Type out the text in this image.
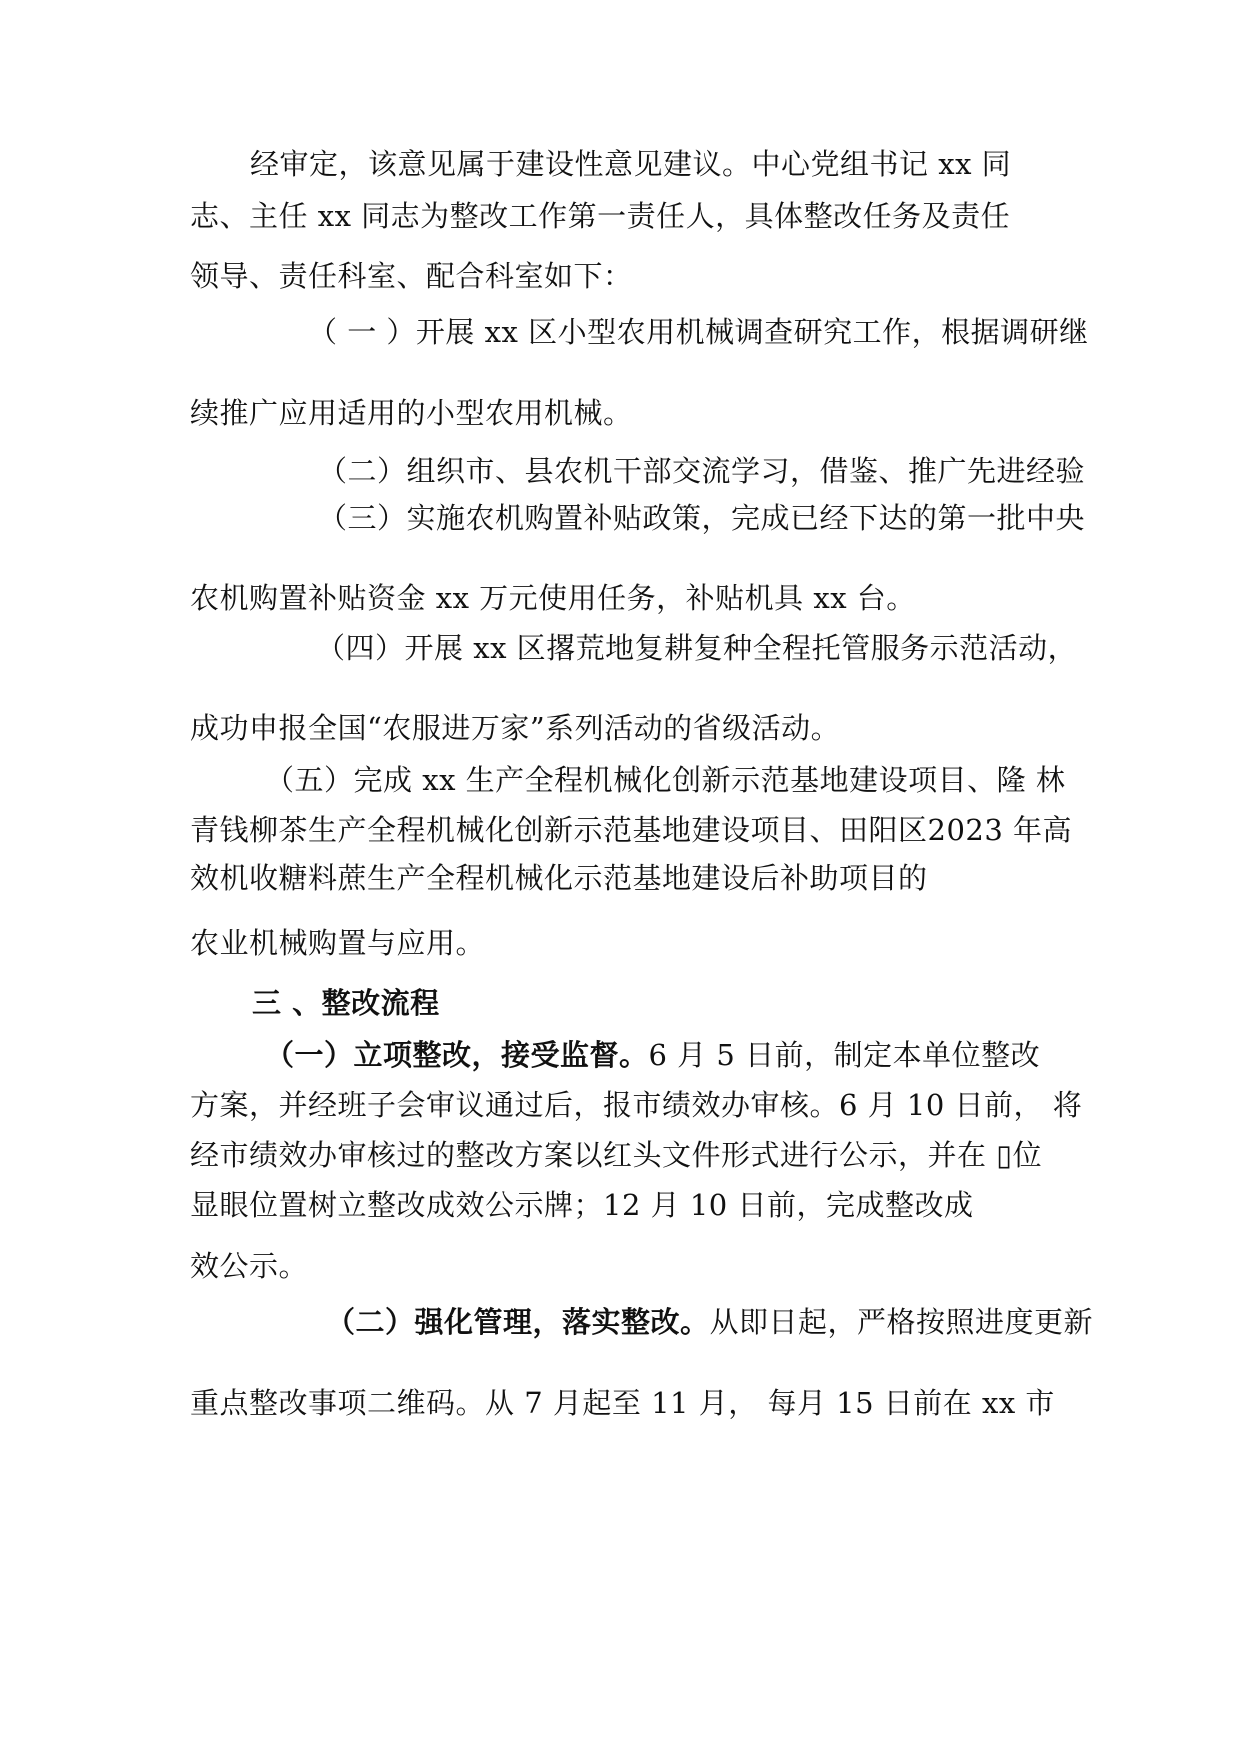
经审定，该意见属于建设性意见建议。中心党组书记 xx 同
志、主任 xx 同志为整改工作第一责任人，具体整改任务及责任
领导、责任科室、配合科室如下：
（ 一 ）开展 xx 区小型农用机械调查研究工作，根据调研继
续推广应用适用的小型农用机械。
（二）组织市、县农机干部交流学习，借鉴、推广先进经验
（三）实施农机购置补贴政策，完成已经下达的第一批中央
农机购置补贴资金 xx 万元使用任务，补贴机具 xx 台。
（四）开展 xx 区撂荒地复耕复种全程托管服务示范活动，
成功申报全国“农服进万家”系列活动的省级活动。
（五）完成 xx 生产全程机械化创新示范基地建设项目、隆 林
青钱柳茶生产全程机械化创新示范基地建设项目、田阳区2023 年高
效机收糖料蔗生产全程机械化示范基地建设后补助项目的
农业机械购置与应用。
三 、整改流程
（一）立项整改，接受监督。6 月 5 日前，制定本单位整改
方案，并经班子会审议通过后，报市绩效办审核。6 月 10 日前， 将
经市绩效办审核过的整改方案以红头文件形式进行公示，并在 ▯位
显眼位置树立整改成效公示牌；12 月 10 日前，完成整改成
效公示。
（二）强化管理，落实整改。从即日起，严格按照进度更新
重点整改事项二维码。从 7 月起至 11 月， 每月 15 日前在 xx 市
